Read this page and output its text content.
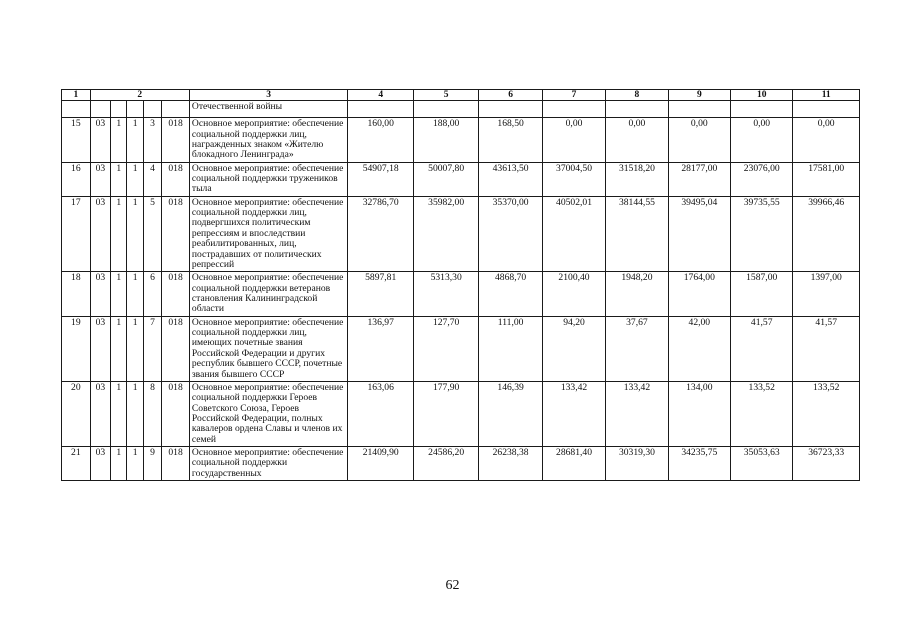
1	2					3	4	5	6	7	8	9	10	11
						Отечественной войны								
15	03	1	1	3	018	Основное мероприятие: обеспечение социальной поддержки лиц, награжденных знаком «Жителю блокадного Ленинграда»	160,00	188,00	168,50	0,00	0,00	0,00	0,00	0,00
16	03	1	1	4	018	Основное мероприятие: обеспечение социальной поддержки тружеников тыла	54907,18	50007,80	43613,50	37004,50	31518,20	28177,00	23076,00	17581,00
17	03	1	1	5	018	Основное мероприятие: обеспечение социальной поддержки лиц, подвергшихся политическим репрессиям и впоследствии реабилитированных, лиц, пострадавших от политических репрессий	32786,70	35982,00	35370,00	40502,01	38144,55	39495,04	39735,55	39966,46
18	03	1	1	6	018	Основное мероприятие: обеспечение социальной поддержки ветеранов становления Калининградской области	5897,81	5313,30	4868,70	2100,40	1948,20	1764,00	1587,00	1397,00
19	03	1	1	7	018	Основное мероприятие: обеспечение социальной поддержки лиц, имеющих почетные звания Российской Федерации и других республик бывшего СССР, почетные звания бывшего СССР	136,97	127,70	111,00	94,20	37,67	42,00	41,57	41,57
20	03	1	1	8	018	Основное мероприятие: обеспечение социальной поддержки Героев Советского Союза, Героев Российской Федерации, полных кавалеров ордена Славы и членов их семей	163,06	177,90	146,39	133,42	133,42	134,00	133,52	133,52
21	03	1	1	9	018	Основное мероприятие: обеспечение социальной поддержки государственных	21409,90	24586,20	26238,38	28681,40	30319,30	34235,75	35053,63	36723,33
62
